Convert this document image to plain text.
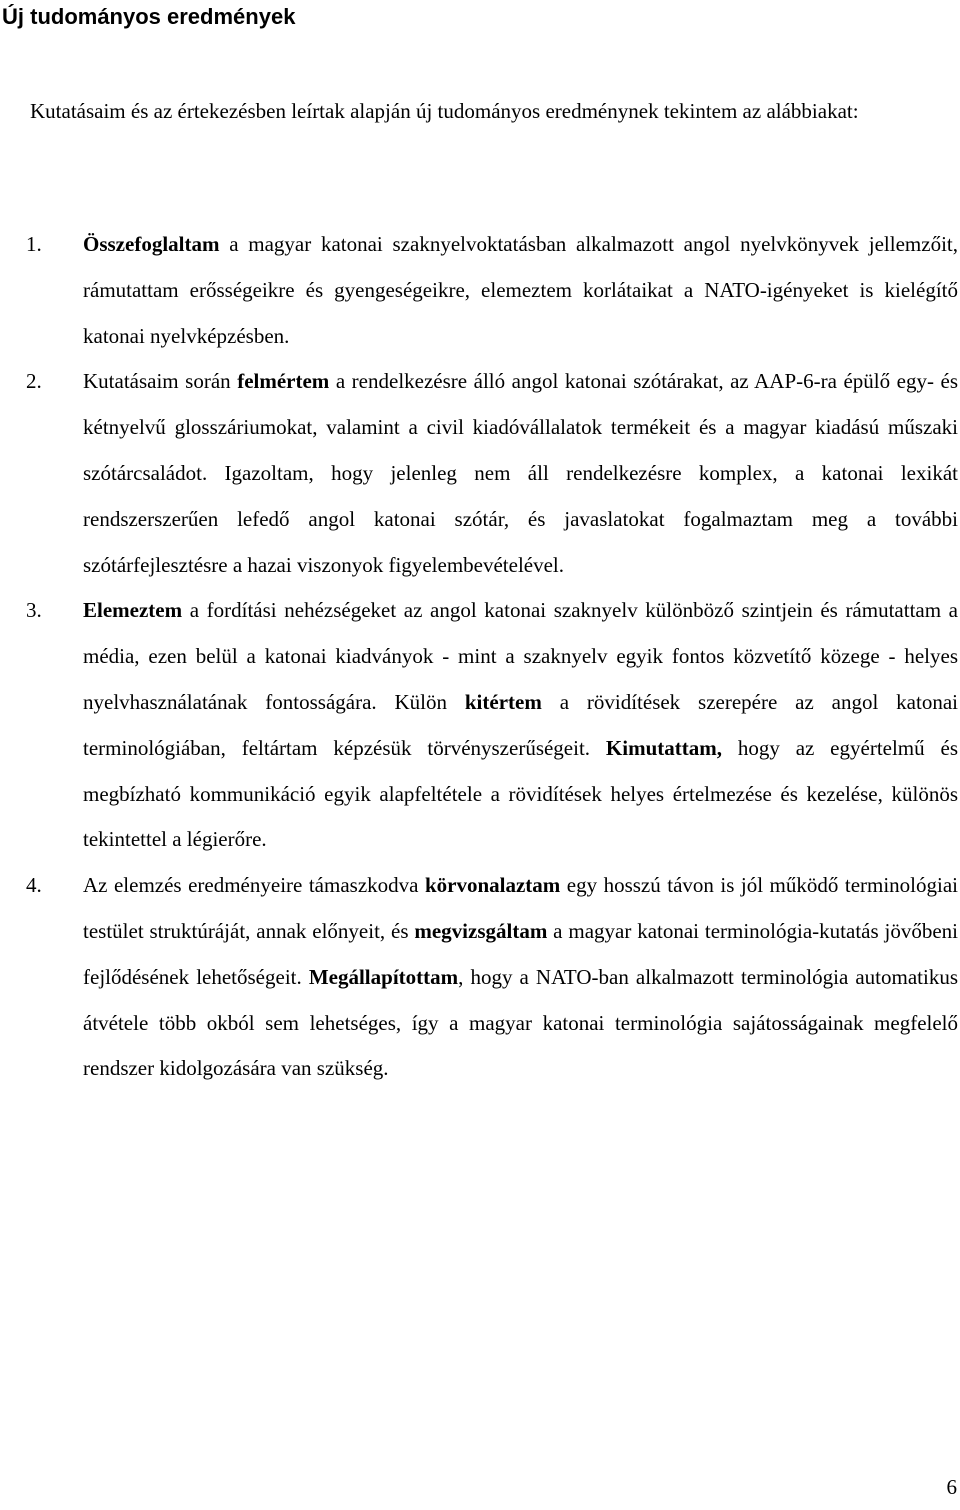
Új tudományos eredmények

Kutatásaim és az értekezésben leírtak alapján új tudományos eredménynek tekintem az alábbiakat:

1. Összefoglaltam a magyar katonai szaknyelvoktatásban alkalmazott angol nyelvkönyvek jellemzőit, rámutattam erősségeikre és gyengeségeikre, elemeztem korlátaikat a NATO-igényeket is kielégítő katonai nyelvképzésben.
2. Kutatásaim során felmértem a rendelkezésre álló angol katonai szótárakat, az AAP-6-ra épülő egy- és kétnyelvű glosszáriumokat, valamint a civil kiadóvállalatok termékeit és a magyar kiadású műszaki szótárcsaládot. Igazoltam, hogy jelenleg nem áll rendelkezésre komplex, a katonai lexikát rendszerszerűen lefedő angol katonai szótár, és javaslatokat fogalmaztam meg a további szótárfejlesztésre a hazai viszonyok figyelembevételével.
3. Elemeztem a fordítási nehézségeket az angol katonai szaknyelv különböző szintjein és rámutattam a média, ezen belül a katonai kiadványok - mint a szaknyelv egyik fontos közvetítő közege - helyes nyelvhasználatának fontosságára. Külön kitértem a rövidítések szerepére az angol katonai terminológiában, feltártam képzésük törvényszerűségeit. Kimutattam, hogy az egyértelmű és megbízható kommunikáció egyik alapfeltétele a rövidítések helyes értelmezése és kezelése, különös tekintettel a légierőre.
4. Az elemzés eredményeire támaszkodva körvonalaztam egy hosszú távon is jól működő terminológiai testület struktúráját, annak előnyeit, és megvizsgáltam a magyar katonai terminológia-kutatás jövőbeni fejlődésének lehetőségeit. Megállapítottam, hogy a NATO-ban alkalmazott terminológia automatikus átvétele több okból sem lehetséges, így a magyar katonai terminológia sajátosságainak megfelelő rendszer kidolgozására van szükség.
6
